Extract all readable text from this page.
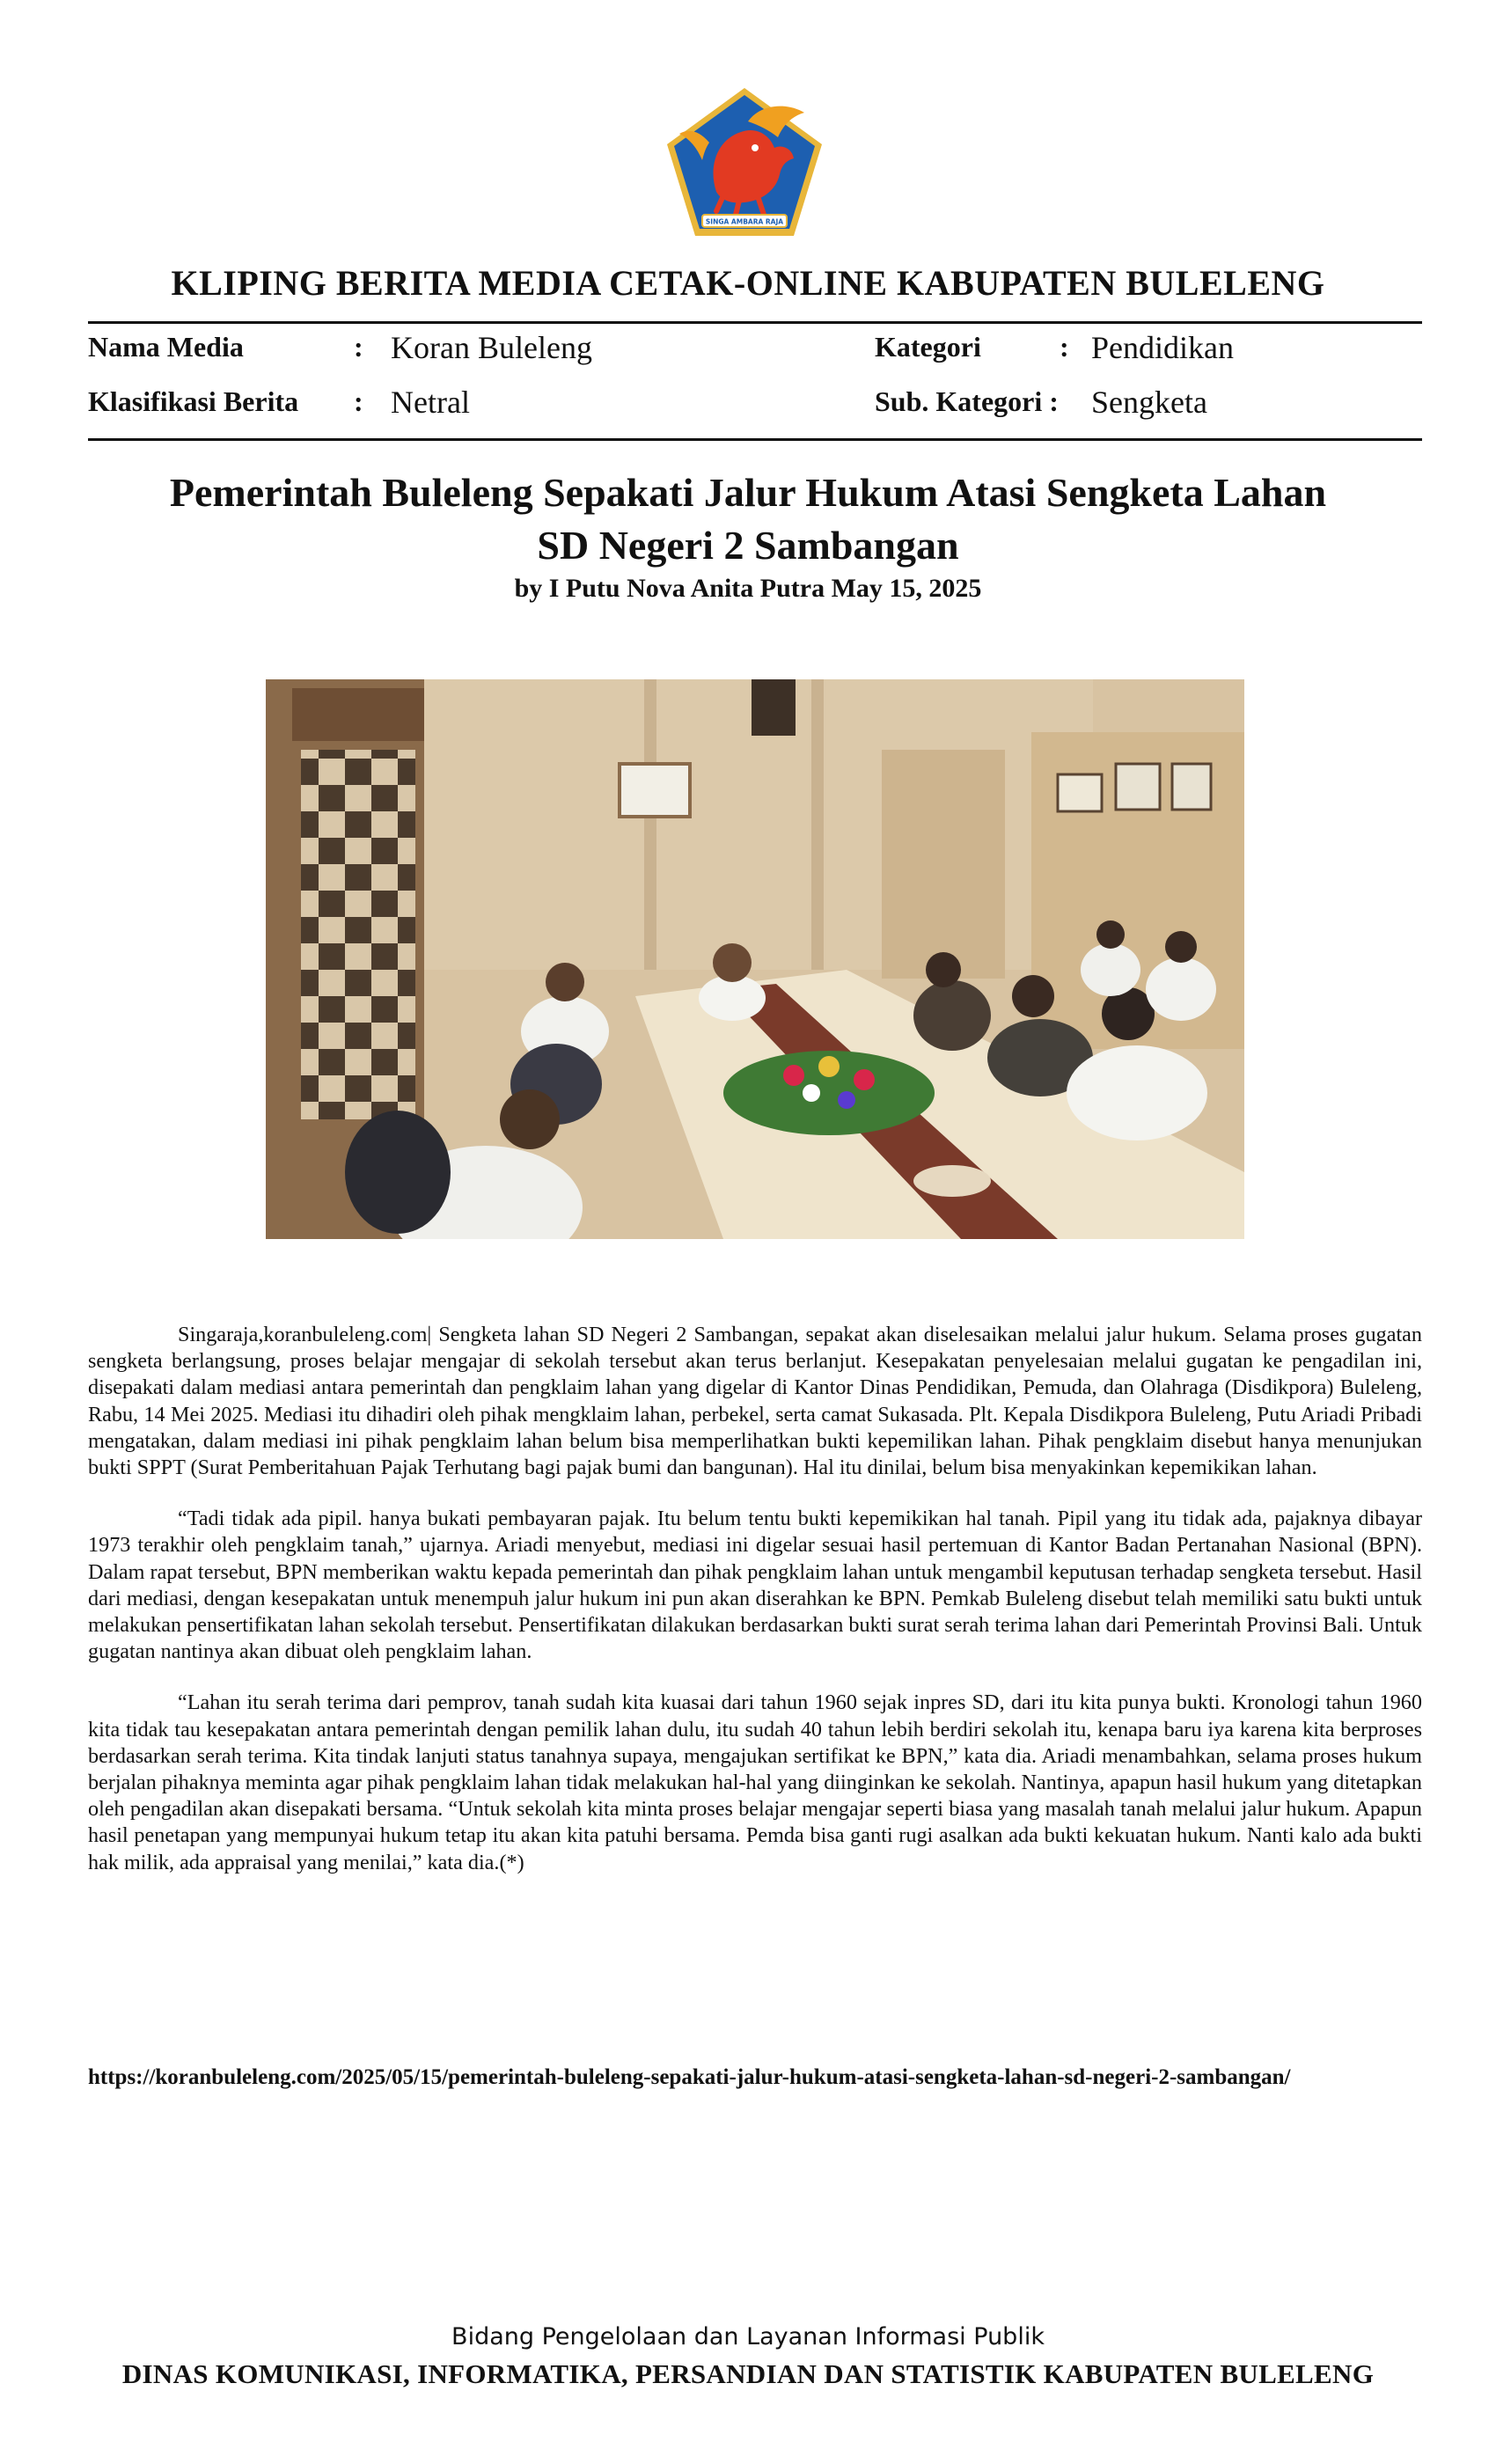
SINGA AMBARA RAJA
KLIPING BERITA MEDIA CETAK-ONLINE KABUPATEN BULELENG
Nama Media	: Koran Buleleng	Kategori	: Pendidikan
Klasifikasi Berita : Netral	Sub. Kategori : Sengketa
Pemerintah Buleleng Sepakati Jalur Hukum Atasi Sengketa Lahan
SD Negeri 2 Sambangan
by I Putu Nova Anita Putra May 15, 2025

Singaraja,koranbuleleng.com| Sengketa lahan SD Negeri 2 Sambangan, sepakat akan diselesaikan melalui jalur hukum. Selama proses gugatan sengketa berlangsung, proses belajar mengajar di sekolah tersebut akan terus berlanjut. Kesepakatan penyelesaian melalui gugatan ke pengadilan ini, disepakati dalam mediasi antara pemerintah dan pengklaim lahan yang digelar di Kantor Dinas Pendidikan, Pemuda, dan Olahraga (Disdikpora) Buleleng, Rabu, 14 Mei 2025. Mediasi itu dihadiri oleh pihak mengklaim lahan, perbekel, serta camat Sukasada. Plt. Kepala Disdikpora Buleleng, Putu Ariadi Pribadi mengatakan, dalam mediasi ini pihak pengklaim lahan belum bisa memperlihatkan bukti kepemilikan lahan. Pihak pengklaim disebut hanya menunjukan bukti SPPT (Surat Pemberitahuan Pajak Terhutang bagi pajak bumi dan bangunan). Hal itu dinilai, belum bisa menyakinkan kepemikikan lahan.

“Tadi tidak ada pipil. hanya bukati pembayaran pajak. Itu belum tentu bukti kepemikikan hal tanah. Pipil yang itu tidak ada, pajaknya dibayar 1973 terakhir oleh pengklaim tanah,” ujarnya. Ariadi menyebut, mediasi ini digelar sesuai hasil pertemuan di Kantor Badan Pertanahan Nasional (BPN). Dalam rapat tersebut, BPN memberikan waktu kepada pemerintah dan pihak pengklaim lahan untuk mengambil keputusan terhadap sengketa tersebut. Hasil dari mediasi, dengan kesepakatan untuk menempuh jalur hukum ini pun akan diserahkan ke BPN. Pemkab Buleleng disebut telah memiliki satu bukti untuk melakukan pensertifikatan lahan sekolah tersebut. Pensertifikatan dilakukan berdasarkan bukti surat serah terima lahan dari Pemerintah Provinsi Bali. Untuk gugatan nantinya akan dibuat oleh pengklaim lahan.

“Lahan itu serah terima dari pemprov, tanah sudah kita kuasai dari tahun 1960 sejak inpres SD, dari itu kita punya bukti. Kronologi tahun 1960 kita tidak tau kesepakatan antara pemerintah dengan pemilik lahan dulu, itu sudah 40 tahun lebih berdiri sekolah itu, kenapa baru iya karena kita berproses berdasarkan serah terima. Kita tindak lanjuti status tanahnya supaya, mengajukan sertifikat ke BPN,” kata dia. Ariadi menambahkan, selama proses hukum berjalan pihaknya meminta agar pihak pengklaim lahan tidak melakukan hal-hal yang diinginkan ke sekolah. Nantinya, apapun hasil hukum yang ditetapkan oleh pengadilan akan disepakati bersama. “Untuk sekolah kita minta proses belajar mengajar seperti biasa yang masalah tanah melalui jalur hukum. Apapun hasil penetapan yang mempunyai hukum tetap itu akan kita patuhi bersama. Pemda bisa ganti rugi asalkan ada bukti kekuatan hukum. Nanti kalo ada bukti hak milik, ada appraisal yang menilai,” kata dia.(*)

https://koranbuleleng.com/2025/05/15/pemerintah-buleleng-sepakati-jalur-hukum-atasi-sengketa-lahan-sd-negeri-2-sambangan/
Bidang Pengelolaan dan Layanan Informasi Publik
DINAS KOMUNIKASI, INFORMATIKA, PERSANDIAN DAN STATISTIK KABUPATEN BULELENG
